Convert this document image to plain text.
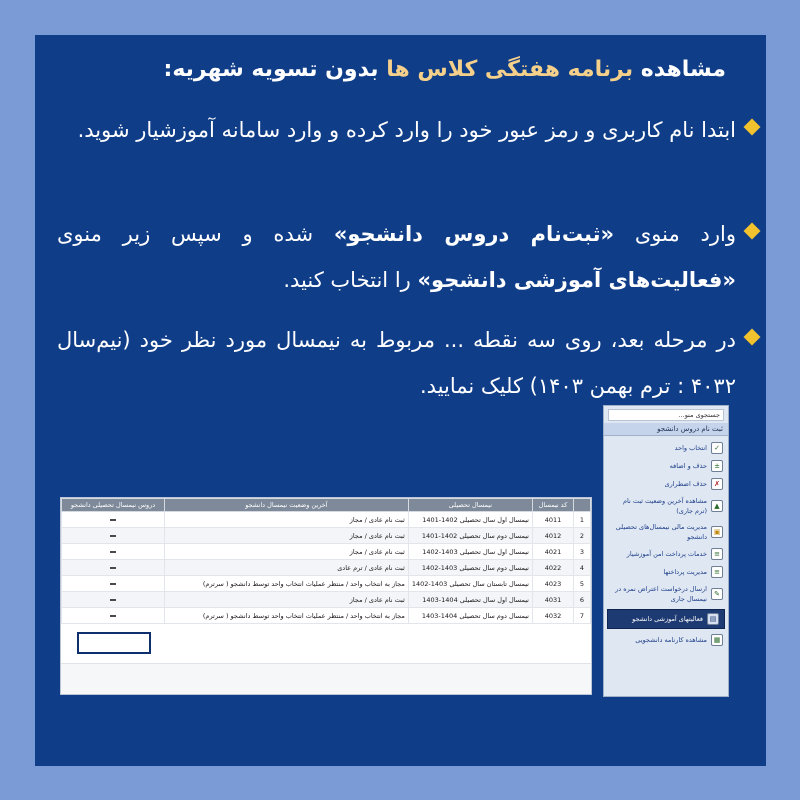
مشاهده برنامه هفتگی کلاس ها بدون تسویه شهریه:
ابتدا نام کاربری و رمز عبور خود را وارد کرده و وارد سامانه آموزشیار شوید.
وارد منوی «ثبت‌نام دروس دانشجو» شده و سپس زیر منوی «فعالیت‌های آموزشی دانشجو» را انتخاب کنید.
در مرحله بعد، روی سه نقطه ... مربوط به نیمسال مورد نظر خود (نیم‌سال ۴۰۳۲ : ترم بهمن ۱۴۰۳) کلیک نمایید.
	کد نیمسال	نیمسال تحصیلی	آخرین وضعیت نیمسال دانشجو	دروس نیمسال تحصیلی دانشجو
1	4011	نیمسال اول سال تحصیلی 1402-1401	ثبت نام عادی / مجاز	
2	4012	نیمسال دوم سال تحصیلی 1402-1401	ثبت نام عادی / مجاز	
3	4021	نیمسال اول سال تحصیلی 1403-1402	ثبت نام عادی / مجاز	
4	4022	نیمسال دوم سال تحصیلی 1403-1402	ثبت نام عادی / ترم عادی	
5	4023	نیمسال تابستان سال تحصیلی 1403-1402	مجاز به انتخاب واحد / منتظر عملیات انتخاب واحد توسط دانشجو ( سرترم)	
6	4031	نیمسال اول سال تحصیلی 1404-1403	ثبت نام عادی / مجاز	
7	4032	نیمسال دوم سال تحصیلی 1404-1403	مجاز به انتخاب واحد / منتظر عملیات انتخاب واحد توسط دانشجو ( سرترم)	
جستجوی منو...
ثبت نام دروس دانشجو
✓
انتخاب واحد
±
حذف و اضافه
✗
حذف اضطراری
▲
مشاهده آخرین وضعیت ثبت نام (ترم جاری)
▣
مدیریت مالی نیمسال‌های تحصیلی دانشجو
≡
خدمات پرداخت امن آموزشیار
≡
مدیریت پرداختها
✎
ارسال درخواست اعتراض نمره در نیمسال جاری
▤
فعالیتهای آموزشی دانشجو
▦
مشاهده کارنامه دانشجویی
